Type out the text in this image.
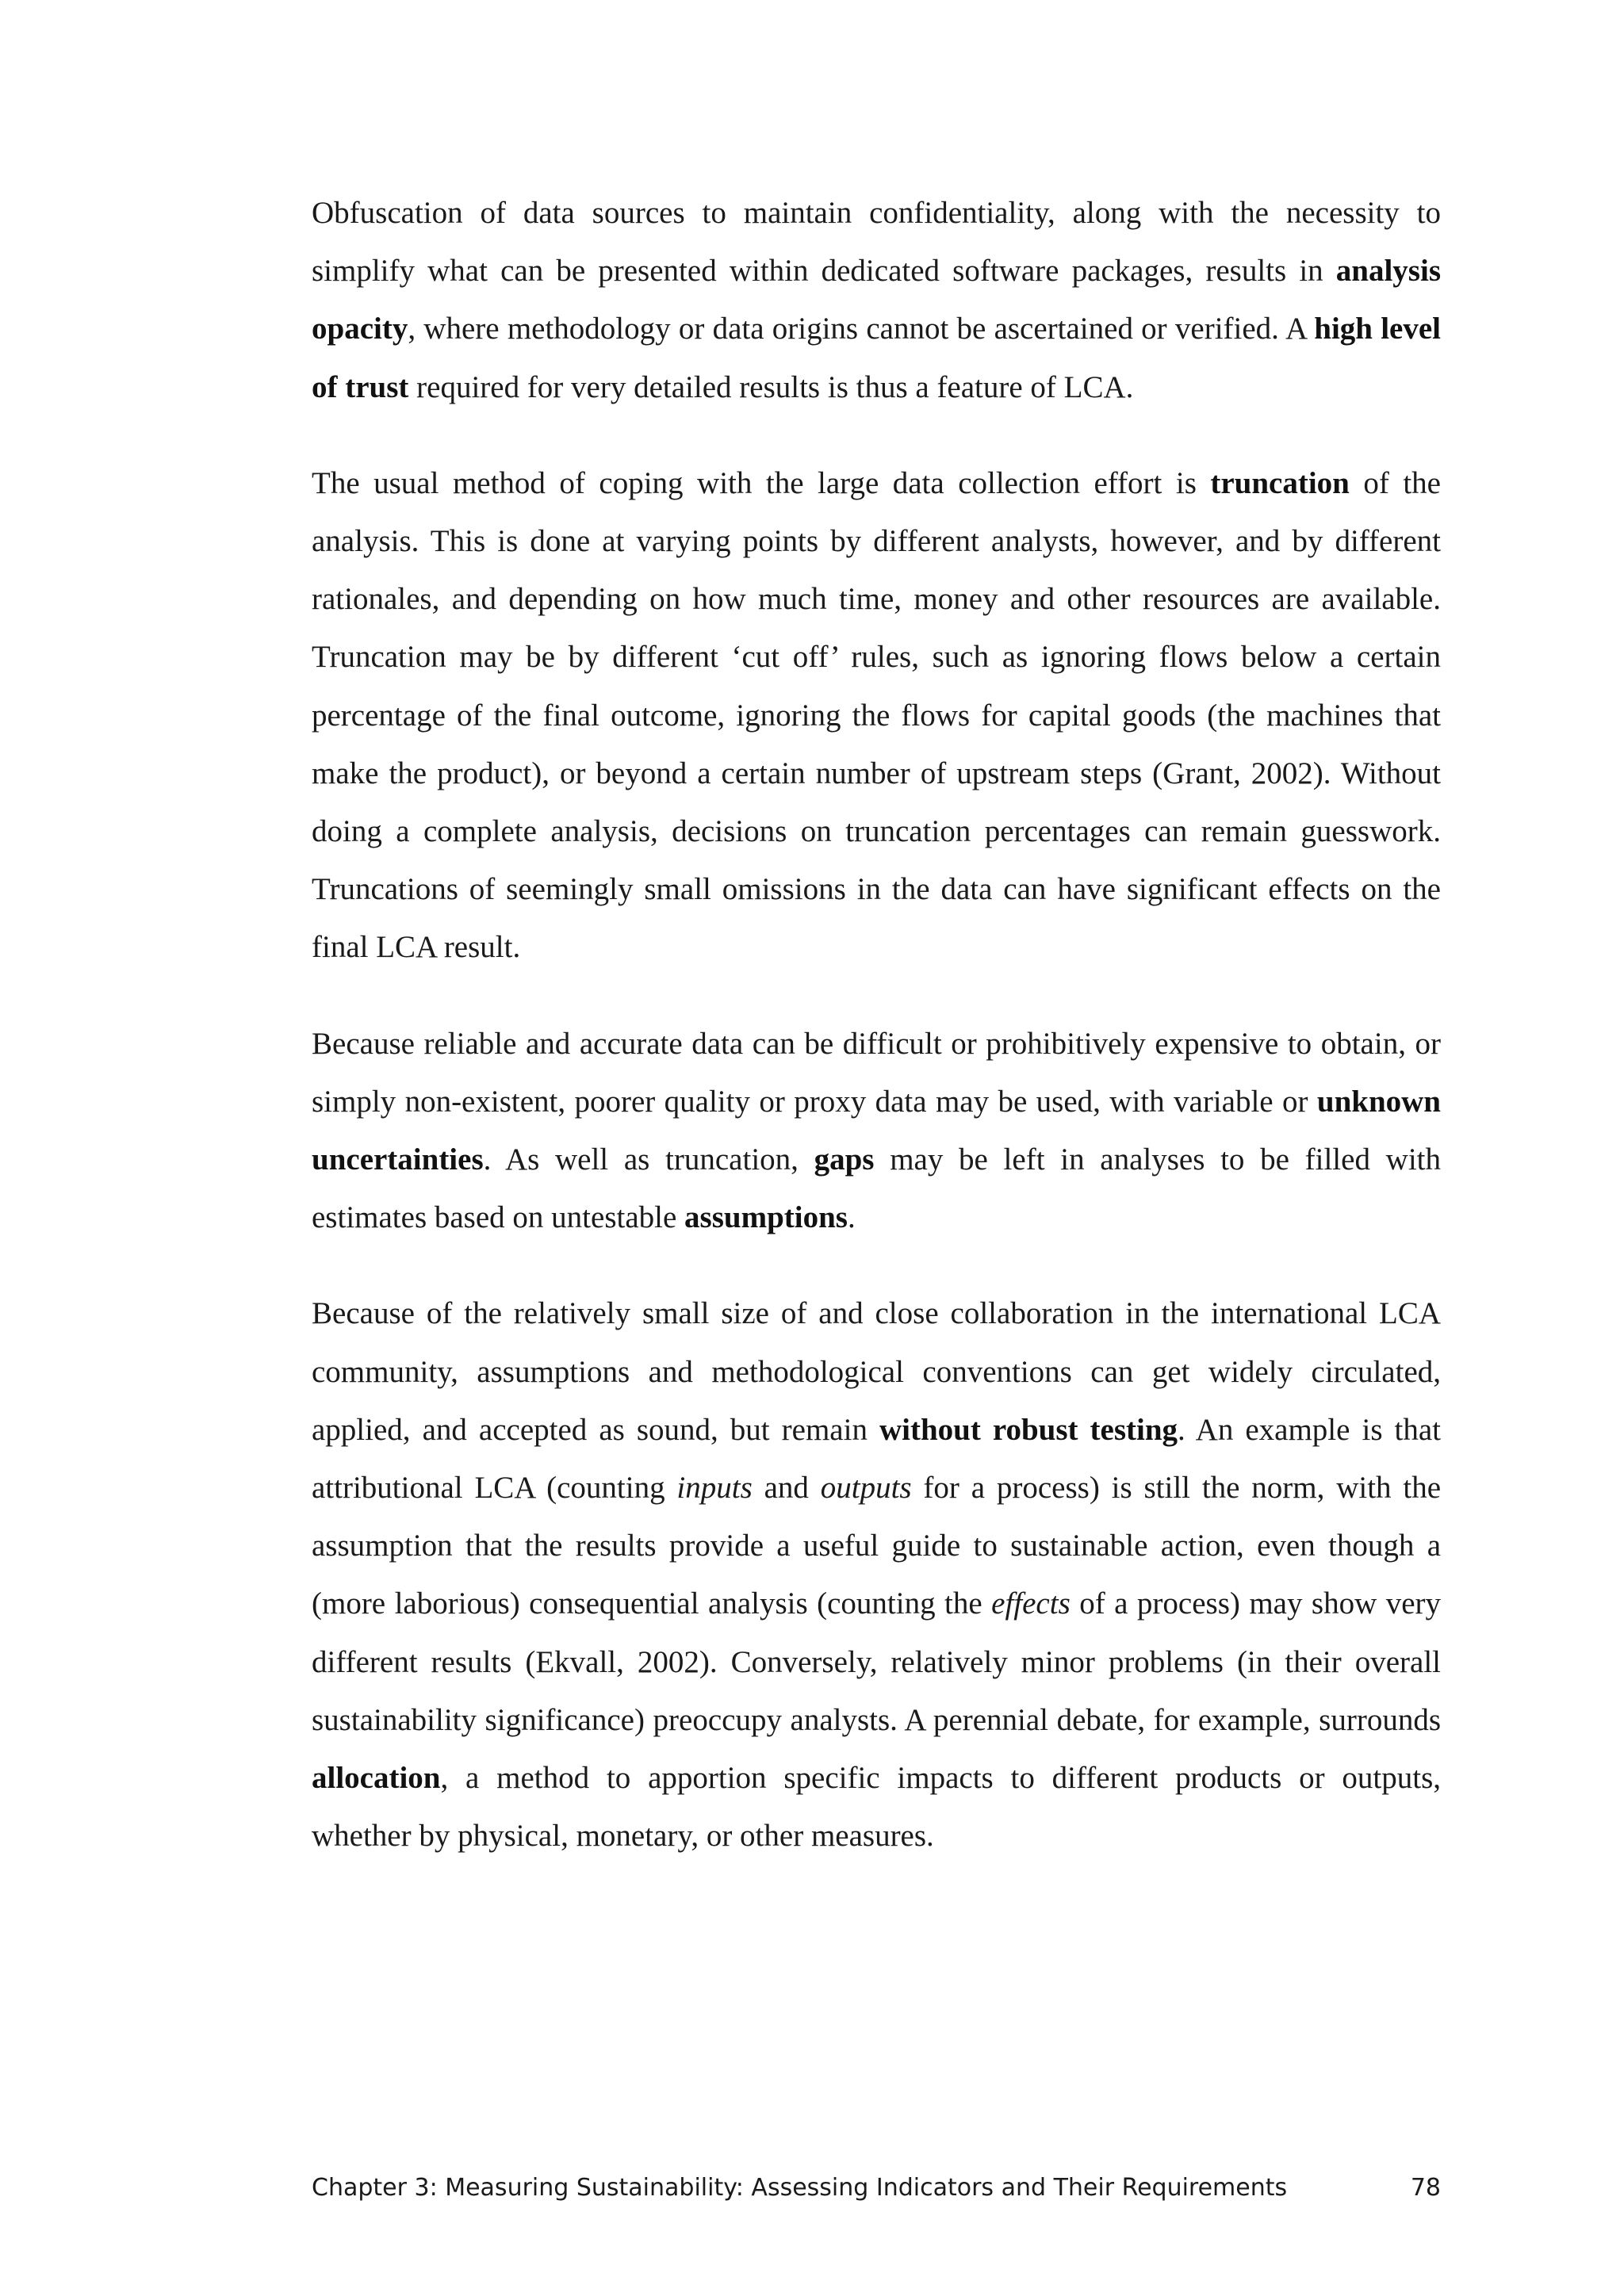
Obfuscation of data sources to maintain confidentiality, along with the necessity to simplify what can be presented within dedicated software packages, results in analysis opacity, where methodology or data origins cannot be ascertained or verified. A high level of trust required for very detailed results is thus a feature of LCA.

The usual method of coping with the large data collection effort is truncation of the analysis. This is done at varying points by different analysts, however, and by different rationales, and depending on how much time, money and other resources are available. Truncation may be by different ‘cut off’ rules, such as ignoring flows below a certain percentage of the final outcome, ignoring the flows for capital goods (the machines that make the product), or beyond a certain number of upstream steps (Grant, 2002). Without doing a complete analysis, decisions on truncation percentages can remain guesswork. Truncations of seemingly small omissions in the data can have significant effects on the final LCA result.

Because reliable and accurate data can be difficult or prohibitively expensive to obtain, or simply non-existent, poorer quality or proxy data may be used, with variable or unknown uncertainties. As well as truncation, gaps may be left in analyses to be filled with estimates based on untestable assumptions.

Because of the relatively small size of and close collaboration in the international LCA community, assumptions and methodological conventions can get widely circulated, applied, and accepted as sound, but remain without robust testing. An example is that attributional LCA (counting inputs and outputs for a process) is still the norm, with the assumption that the results provide a useful guide to sustainable action, even though a (more laborious) consequential analysis (counting the effects of a process) may show very different results (Ekvall, 2002). Conversely, relatively minor problems (in their overall sustainability significance) preoccupy analysts. A perennial debate, for example, surrounds allocation, a method to apportion specific impacts to different products or outputs, whether by physical, monetary, or other measures.

Chapter 3: Measuring Sustainability: Assessing Indicators and Their Requirements	78
